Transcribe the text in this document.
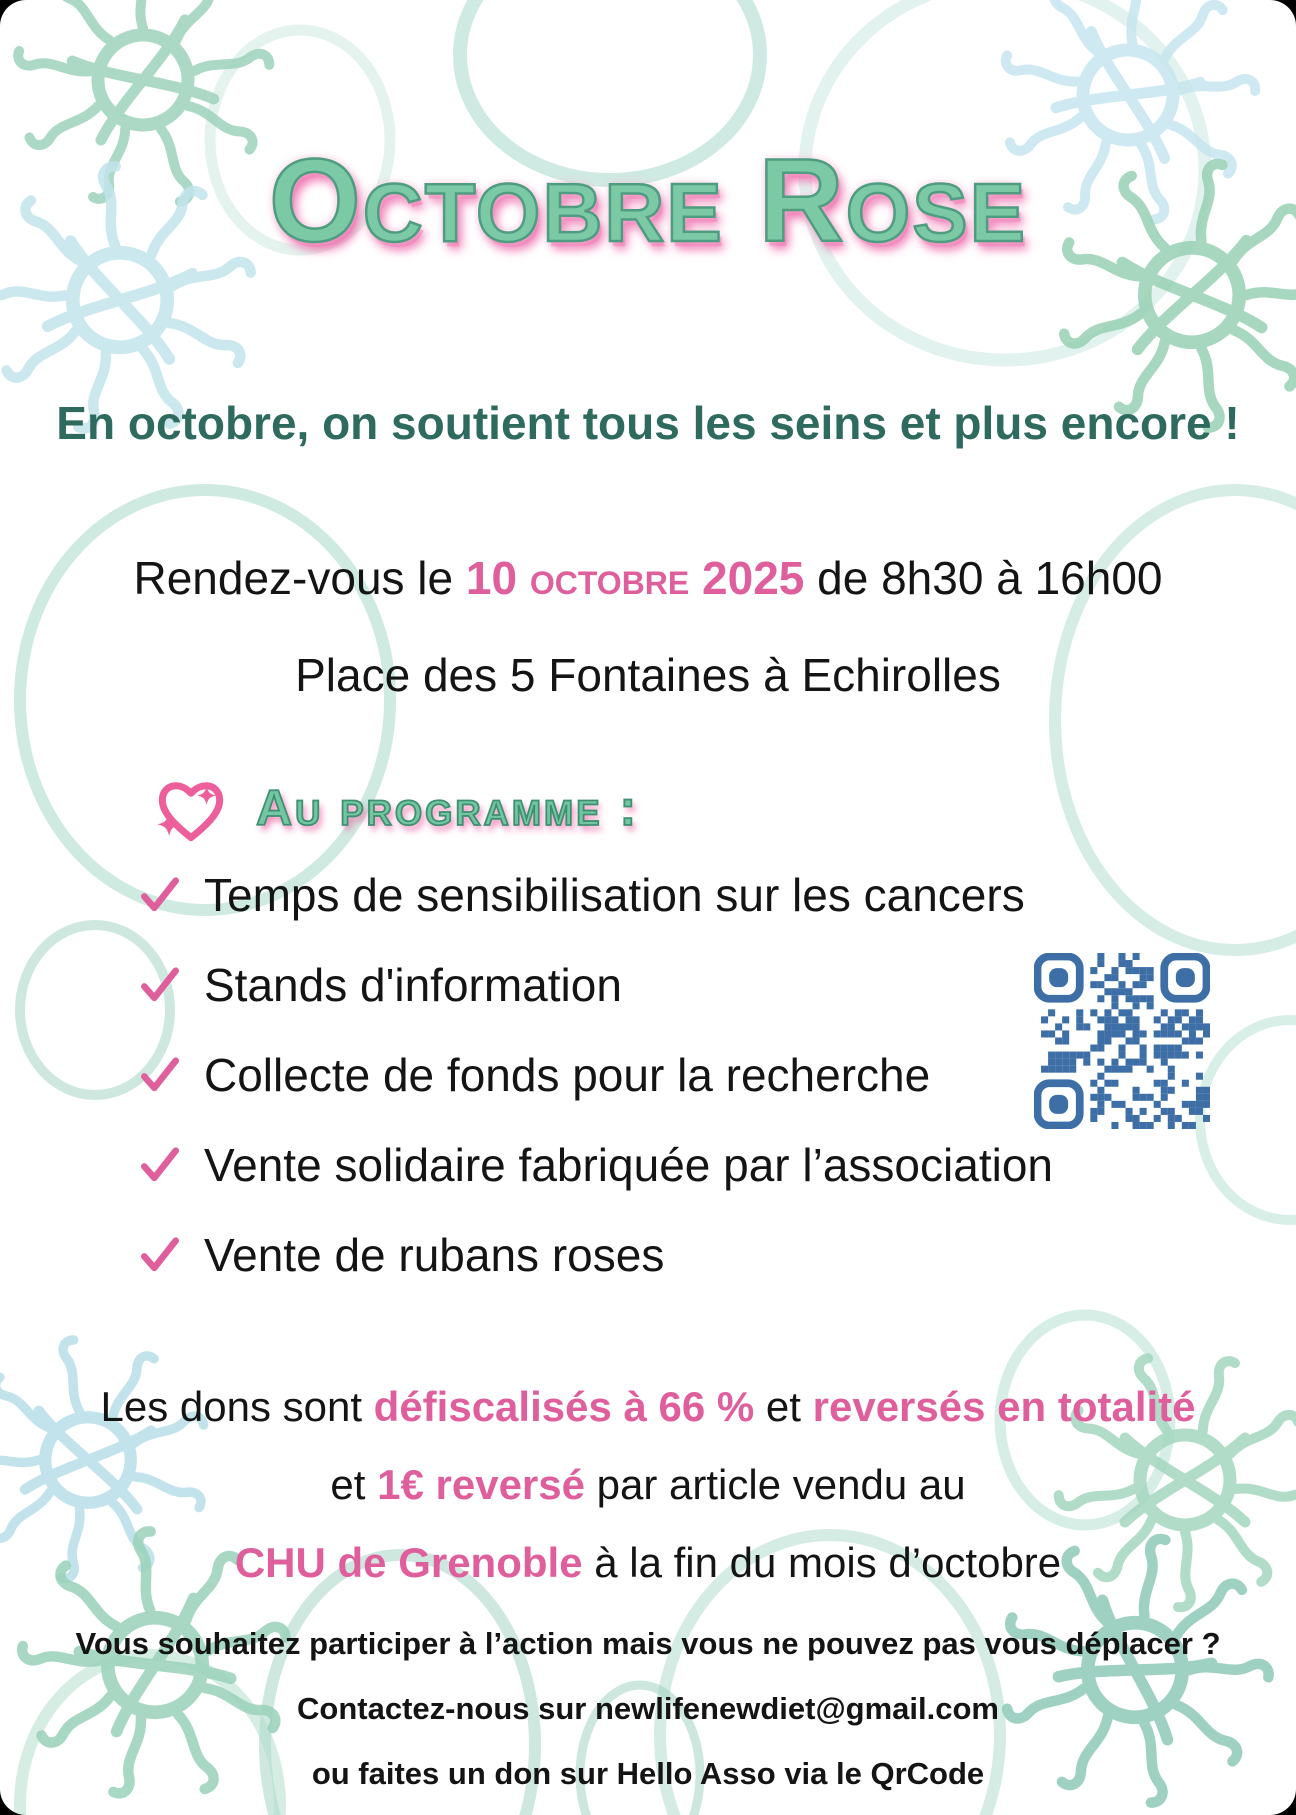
Octobre Rose
En octobre, on soutient tous les seins et plus encore !
Rendez-vous le 10 octobre 2025 de 8h30 à 16h00
Place des 5 Fontaines à Echirolles
Au programme :
Temps de sensibilisation sur les cancers
Stands d'information
Collecte de fonds pour la recherche
Vente solidaire fabriquée par l’association
Vente de rubans roses

Les dons sont défiscalisés à 66 % et reversés en totalité

et 1€ reversé par article vendu au

CHU de Grenoble à la fin du mois d’octobre

Vous souhaitez participer à l’action mais vous ne pouvez pas vous déplacer ?

Contactez-nous sur newlifenewdiet@gmail.com

ou faites un don sur Hello Asso via le QrCode
